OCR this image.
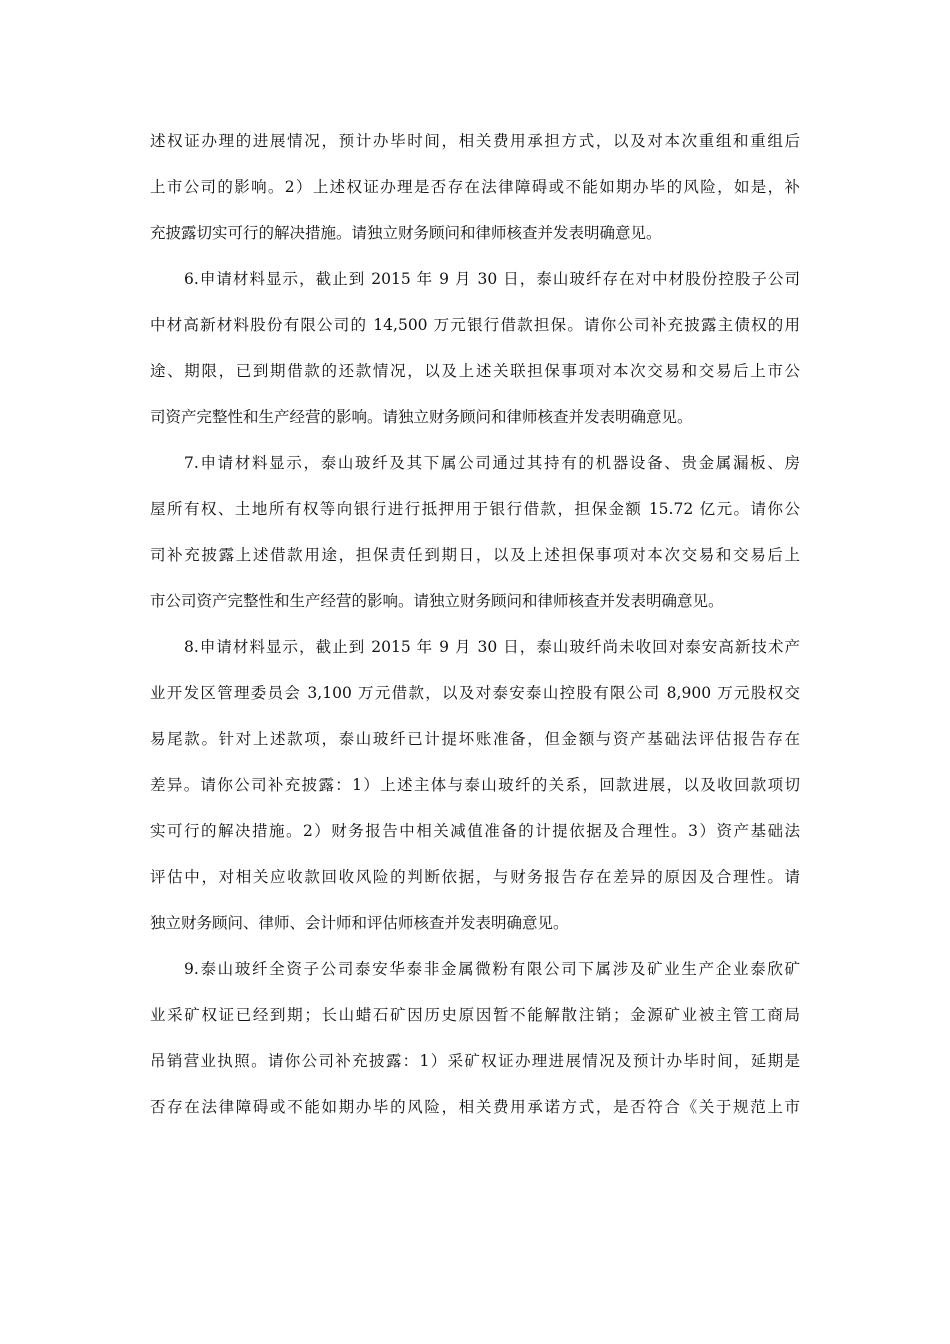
述权证办理的进展情况，预计办毕时间，相关费用承担方式，以及对本次重组和重组后
上市公司的影响。2）上述权证办理是否存在法律障碍或不能如期办毕的风险，如是，补
充披露切实可行的解决措施。请独立财务顾问和律师核查并发表明确意见。
6.申请材料显示，截止到 2015 年 9 月 30 日，泰山玻纤存在对中材股份控股子公司
中材高新材料股份有限公司的 14,500 万元银行借款担保。请你公司补充披露主债权的用
途、期限，已到期借款的还款情况，以及上述关联担保事项对本次交易和交易后上市公
司资产完整性和生产经营的影响。请独立财务顾问和律师核查并发表明确意见。
7.申请材料显示，泰山玻纤及其下属公司通过其持有的机器设备、贵金属漏板、房
屋所有权、土地所有权等向银行进行抵押用于银行借款，担保金额 15.72 亿元。请你公
司补充披露上述借款用途，担保责任到期日，以及上述担保事项对本次交易和交易后上
市公司资产完整性和生产经营的影响。请独立财务顾问和律师核查并发表明确意见。
8.申请材料显示，截止到 2015 年 9 月 30 日，泰山玻纤尚未收回对泰安高新技术产
业开发区管理委员会 3,100 万元借款，以及对泰安泰山控股有限公司 8,900 万元股权交
易尾款。针对上述款项，泰山玻纤已计提坏账准备，但金额与资产基础法评估报告存在
差异。请你公司补充披露：1）上述主体与泰山玻纤的关系，回款进展，以及收回款项切
实可行的解决措施。2）财务报告中相关减值准备的计提依据及合理性。3）资产基础法
评估中，对相关应收款回收风险的判断依据，与财务报告存在差异的原因及合理性。请
独立财务顾问、律师、会计师和评估师核查并发表明确意见。
9.泰山玻纤全资子公司泰安华泰非金属微粉有限公司下属涉及矿业生产企业泰欣矿
业采矿权证已经到期；长山蜡石矿因历史原因暂不能解散注销；金源矿业被主管工商局
吊销营业执照。请你公司补充披露：1）采矿权证办理进展情况及预计办毕时间，延期是
否存在法律障碍或不能如期办毕的风险，相关费用承诺方式，是否符合《关于规范上市
